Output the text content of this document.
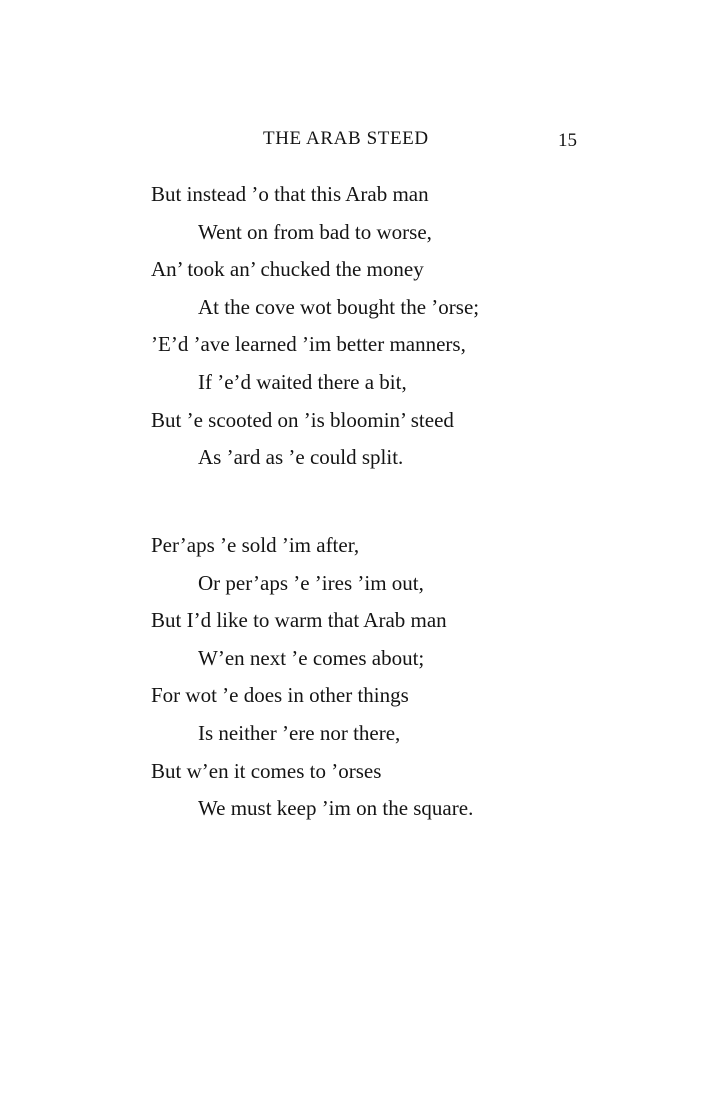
THE ARAB STEED	15
But instead ’o that this Arab man
Went on from bad to worse,
An’ took an’ chucked the money
At the cove wot bought the ’orse;
’E’d ’ave learned ’im better manners,
If ’e’d waited there a bit,
But ’e scooted on ’is bloomin’ steed
As ’ard as ’e could split.
Per’aps ’e sold ’im after,
Or per’aps ’e ’ires ’im out,
But I’d like to warm that Arab man
W’en next ’e comes about;
For wot ’e does in other things
Is neither ’ere nor there,
But w’en it comes to ’orses
We must keep ’im on the square.
